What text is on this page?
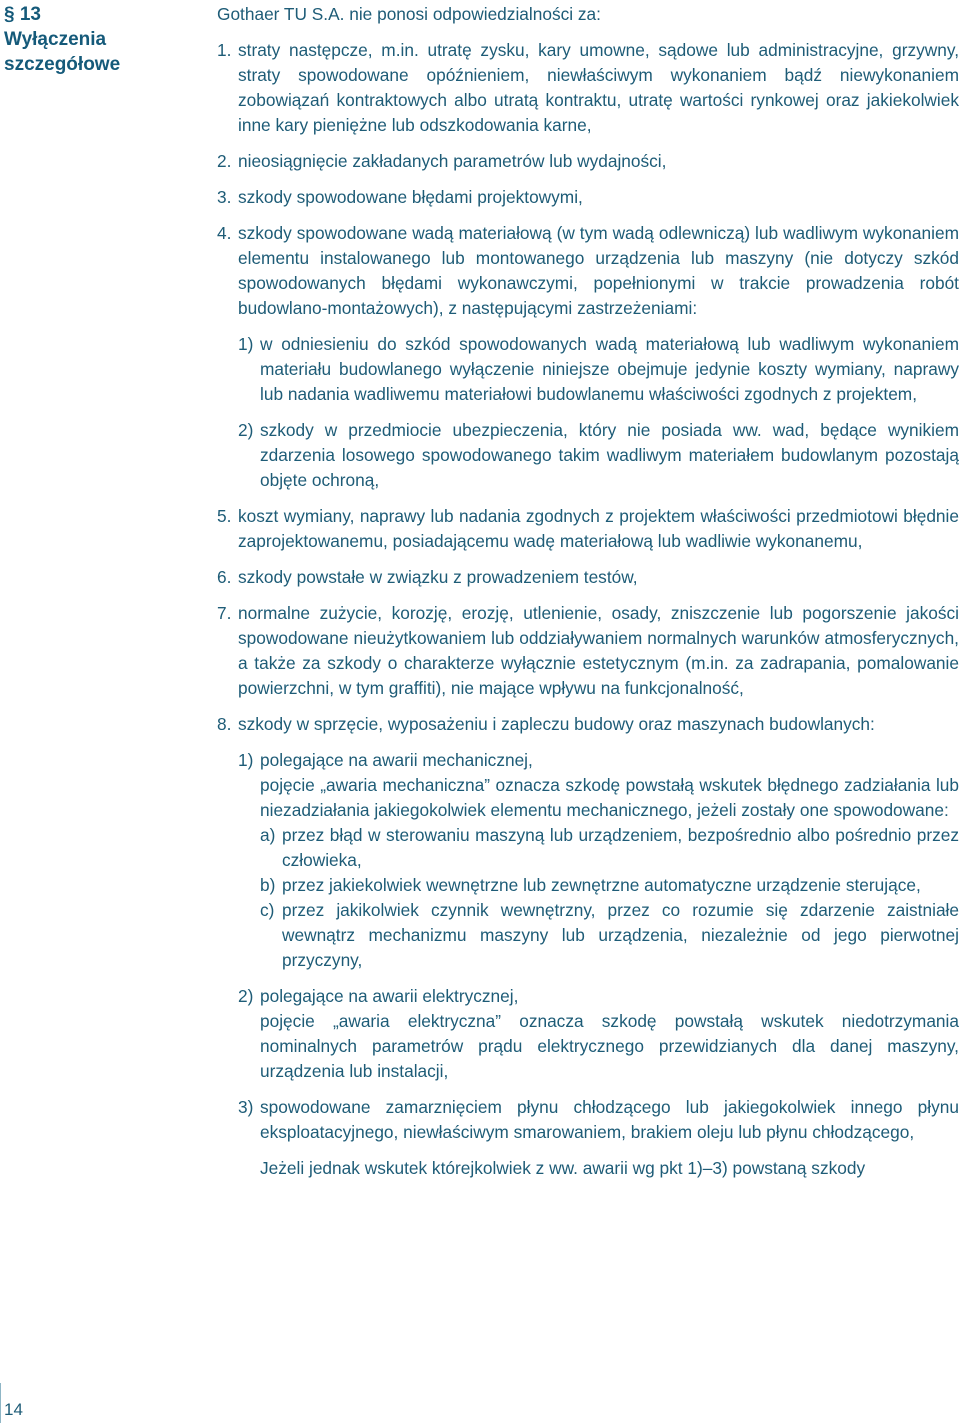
§ 13
Wyłączenia szczegółowe

Gothaer TU S.A. nie ponosi odpowiedzialności za:

1. straty następcze, m.in. utratę zysku, kary umowne, sądowe lub administracyjne, grzywny, straty spowodowane opóźnieniem, niewłaściwym wykonaniem bądź niewykonaniem zobowiązań kontraktowych albo utratą kontraktu, utratę wartości rynkowej oraz jakiekolwiek inne kary pieniężne lub odszkodowania karne,
2. nieosiągnięcie zakładanych parametrów lub wydajności,
3. szkody spowodowane błędami projektowymi,
4. szkody spowodowane wadą materiałową (w tym wadą odlewniczą) lub wadliwym wykonaniem elementu instalowanego lub montowanego urządzenia lub maszyny (nie dotyczy szkód spowodowanych błędami wykonawczymi, popełnionymi w trakcie prowadzenia robót budowlano-montażowych), z następującymi zastrzeżeniami:
1) w odniesieniu do szkód spowodowanych wadą materiałową lub wadliwym wykonaniem materiału budowlanego wyłączenie niniejsze obejmuje jedynie koszty wymiany, naprawy lub nadania wadliwemu materiałowi budowlanemu właściwości zgodnych z projektem,
2) szkody w przedmiocie ubezpieczenia, który nie posiada ww. wad, będące wynikiem zdarzenia losowego spowodowanego takim wadliwym materiałem budowlanym pozostają objęte ochroną,
5. koszt wymiany, naprawy lub nadania zgodnych z projektem właściwości przedmiotowi błędnie zaprojektowanemu, posiadającemu wadę materiałową lub wadliwie wykonanemu,
6. szkody powstałe w związku z prowadzeniem testów,
7. normalne zużycie, korozję, erozję, utlenienie, osady, zniszczenie lub pogorszenie jakości spowodowane nieużytkowaniem lub oddziaływaniem normalnych warunków atmosferycznych, a także za szkody o charakterze wyłącznie estetycznym (m.in. za zadrapania, pomalowanie powierzchni, w tym graffiti), nie mające wpływu na funkcjonalność,
8. szkody w sprzęcie, wyposażeniu i zapleczu budowy oraz maszynach budowlanych:
1) polegające na awarii mechanicznej,
pojęcie „awaria mechaniczna” oznacza szkodę powstałą wskutek błędnego zadziałania lub niezadziałania jakiegokolwiek elementu mechanicznego, jeżeli zostały one spowodowane:
a) przez błąd w sterowaniu maszyną lub urządzeniem, bezpośrednio albo pośrednio przez człowieka,
b) przez jakiekolwiek wewnętrzne lub zewnętrzne automatyczne urządzenie sterujące,
c) przez jakikolwiek czynnik wewnętrzny, przez co rozumie się zdarzenie zaistniałe wewnątrz mechanizmu maszyny lub urządzenia, niezależnie od jego pierwotnej przyczyny,
2) polegające na awarii elektrycznej,
pojęcie „awaria elektryczna” oznacza szkodę powstałą wskutek niedotrzymania nominalnych parametrów prądu elektrycznego przewidzianych dla danej maszyny, urządzenia lub instalacji,
3) spowodowane zamarznięciem płynu chłodzącego lub jakiegokolwiek innego płynu eksploatacyjnego, niewłaściwym smarowaniem, brakiem oleju lub płynu chłodzącego,

Jeżeli jednak wskutek którejkolwiek z ww. awarii wg pkt 1)–3) powstaną szkody

14
